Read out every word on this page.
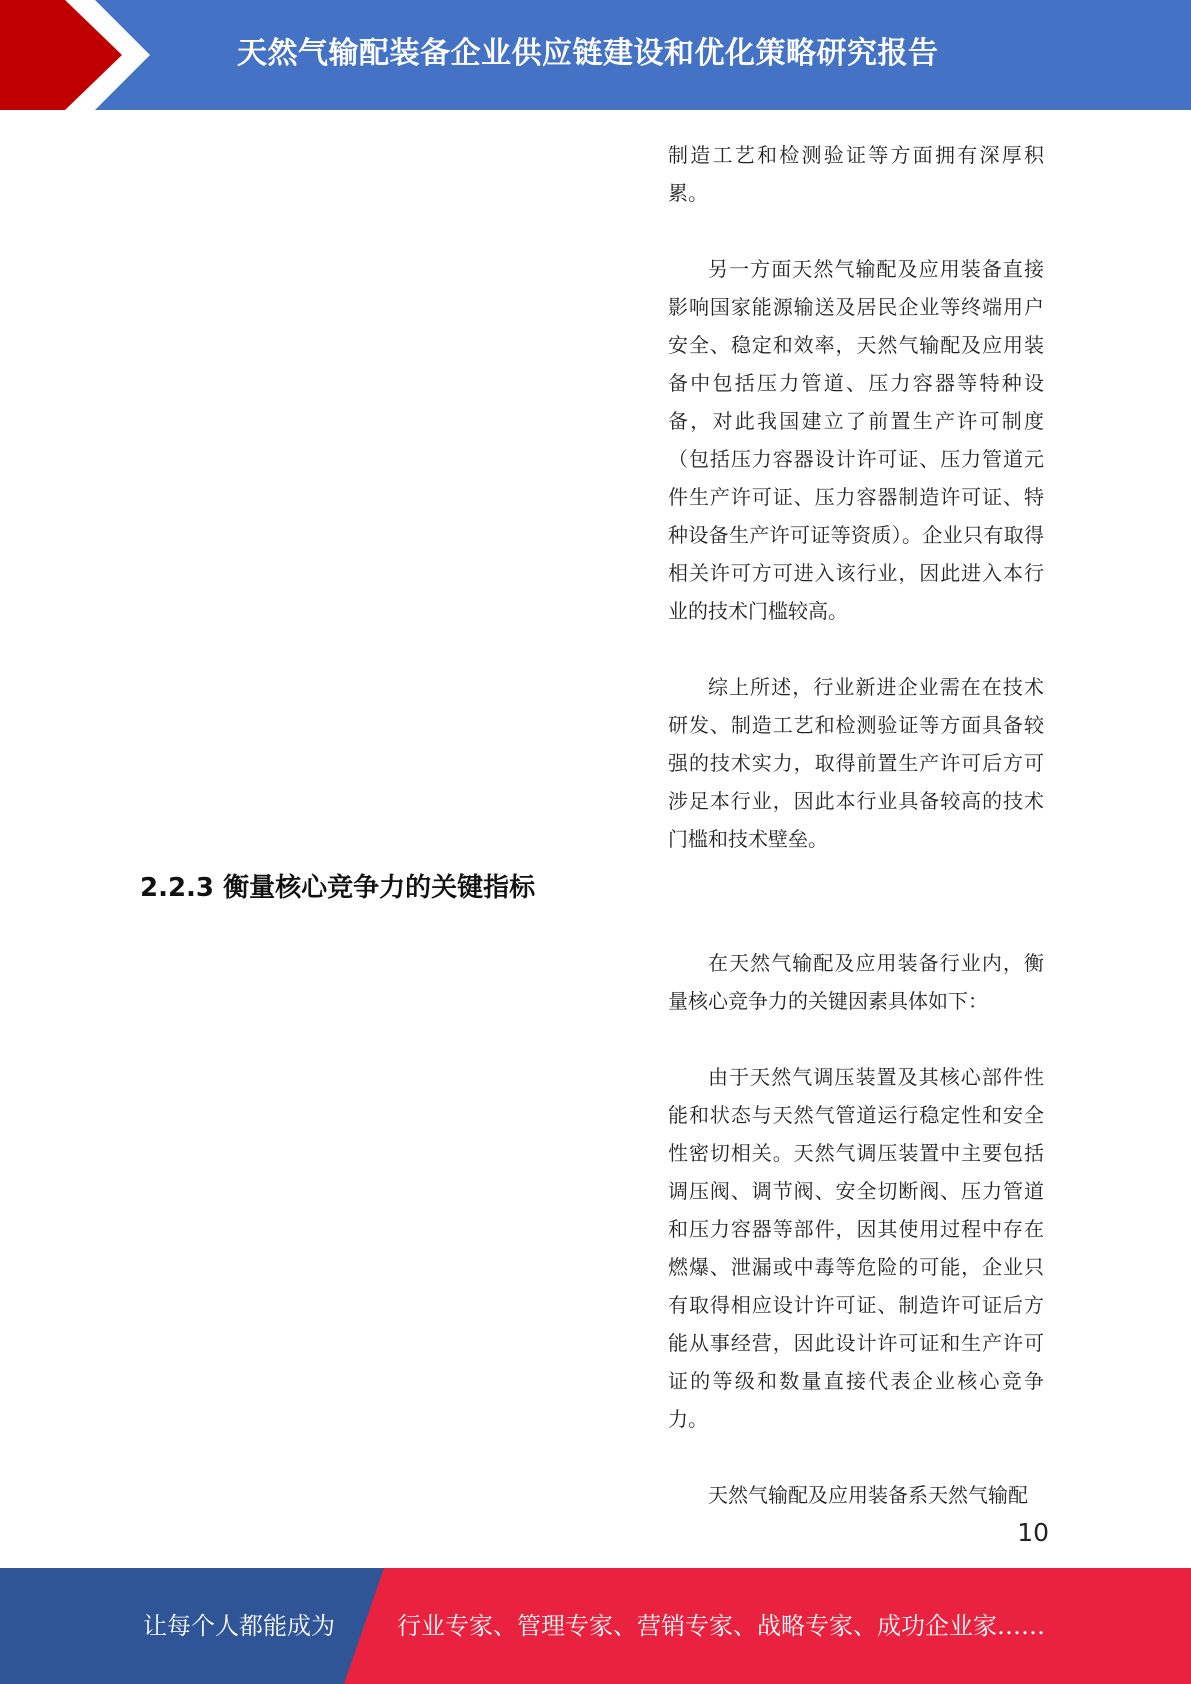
天然气输配装备企业供应链建设和优化策略研究报告

制造工艺和检测验证等方面拥有深厚积累。

另一方面天然气输配及应用装备直接影响国家能源输送及居民企业等终端用户安全、稳定和效率，天然气输配及应用装备中包括压力管道、压力容器等特种设备，对此我国建立了前置生产许可制度（包括压力容器设计许可证、压力管道元件生产许可证、压力容器制造许可证、特种设备生产许可证等资质）。企业只有取得相关许可方可进入该行业，因此进入本行业的技术门槛较高。

综上所述，行业新进企业需在在技术研发、制造工艺和检测验证等方面具备较强的技术实力，取得前置生产许可后方可涉足本行业，因此本行业具备较高的技术门槛和技术壁垒。

2.2.3 衡量核心竞争力的关键指标

在天然气输配及应用装备行业内，衡量核心竞争力的关键因素具体如下：

由于天然气调压装置及其核心部件性能和状态与天然气管道运行稳定性和安全性密切相关。天然气调压装置中主要包括调压阀、调节阀、安全切断阀、压力管道和压力容器等部件，因其使用过程中存在燃爆、泄漏或中毒等危险的可能，企业只有取得相应设计许可证、制造许可证后方能从事经营，因此设计许可证和生产许可证的等级和数量直接代表企业核心竞争力。

天然气输配及应用装备系天然气输配

10
让每个人都能成为	行业专家、管理专家、营销专家、战略专家、成功企业家……
